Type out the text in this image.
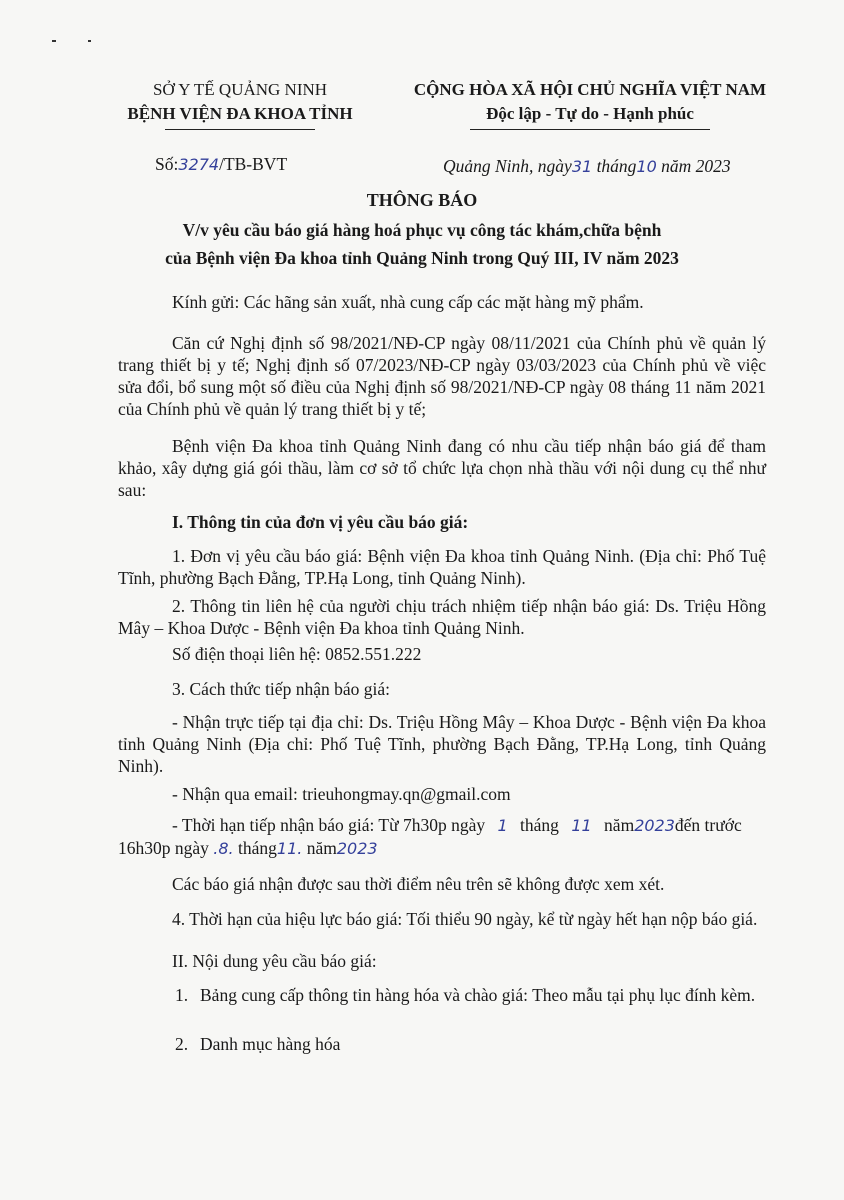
SỞ Y TẾ QUẢNG NINH
BỆNH VIỆN ĐA KHOA TỈNH
CỘNG HÒA XÃ HỘI CHỦ NGHĨA VIỆT NAM
Độc lập - Tự do - Hạnh phúc
Số:3274/TB-BVT	Quảng Ninh, ngày31 tháng10 năm 2023
THÔNG BÁO
V/v yêu cầu báo giá hàng hoá phục vụ công tác khám,chữa bệnh
của Bệnh viện Đa khoa tỉnh Quảng Ninh trong Quý III, IV năm 2023
Kính gửi: Các hãng sản xuất, nhà cung cấp các mặt hàng mỹ phẩm.
Căn cứ Nghị định số 98/2021/NĐ-CP ngày 08/11/2021 của Chính phủ về quản lý trang thiết bị y tế; Nghị định số 07/2023/NĐ-CP ngày 03/03/2023 của Chính phủ về việc sửa đổi, bổ sung một số điều của Nghị định số 98/2021/NĐ-CP ngày 08 tháng 11 năm 2021 của Chính phủ về quản lý trang thiết bị y tế;
Bệnh viện Đa khoa tỉnh Quảng Ninh đang có nhu cầu tiếp nhận báo giá để tham khảo, xây dựng giá gói thầu, làm cơ sở tổ chức lựa chọn nhà thầu với nội dung cụ thể như sau:
I. Thông tin của đơn vị yêu cầu báo giá:
1. Đơn vị yêu cầu báo giá: Bệnh viện Đa khoa tỉnh Quảng Ninh. (Địa chỉ: Phố Tuệ Tĩnh, phường Bạch Đằng, TP.Hạ Long, tỉnh Quảng Ninh).
2. Thông tin liên hệ của người chịu trách nhiệm tiếp nhận báo giá: Ds. Triệu Hồng Mây – Khoa Dược - Bệnh viện Đa khoa tỉnh Quảng Ninh.
Số điện thoại liên hệ: 0852.551.222
3. Cách thức tiếp nhận báo giá:
- Nhận trực tiếp tại địa chỉ: Ds. Triệu Hồng Mây – Khoa Dược - Bệnh viện Đa khoa tỉnh Quảng Ninh (Địa chỉ: Phố Tuệ Tĩnh, phường Bạch Đằng, TP.Hạ Long, tỉnh Quảng Ninh).
- Nhận qua email: trieuhongmay.qn@gmail.com
- Thời hạn tiếp nhận báo giá: Từ 7h30p ngày 1 tháng 11 năm2023đến trước
16h30p ngày .8. tháng11. năm2023
Các báo giá nhận được sau thời điểm nêu trên sẽ không được xem xét.
4. Thời hạn của hiệu lực báo giá: Tối thiểu 90 ngày, kể từ ngày hết hạn nộp báo giá.
II. Nội dung yêu cầu báo giá:
1. Bảng cung cấp thông tin hàng hóa và chào giá: Theo mẫu tại phụ lục đính kèm.
2. Danh mục hàng hóa
